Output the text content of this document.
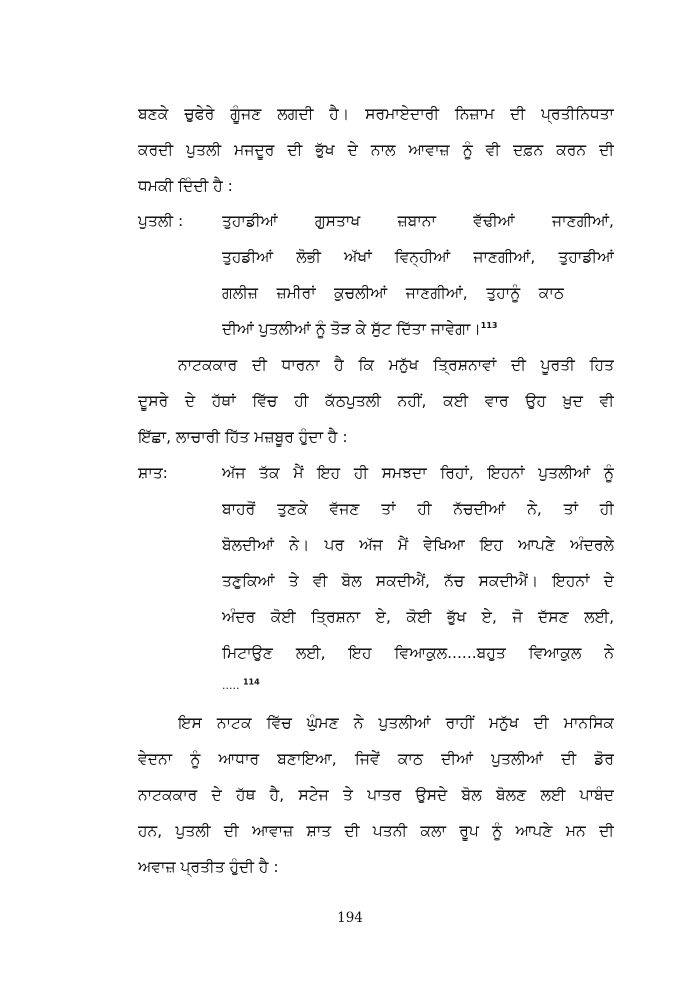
ਬਣਕੇ ਚੁਫੇਰੇ ਗੂੰਜਣ ਲਗਦੀ ਹੈ। ਸਰਮਾਏਦਾਰੀ ਨਿਜ਼ਾਮ ਦੀ ਪ੍ਰਤੀਨਿਧਤਾ
ਕਰਦੀ ਪੁਤਲੀ ਮਜਦੂਰ ਦੀ ਭੁੱਖ ਦੇ ਨਾਲ ਆਵਾਜ਼ ਨੂੰ ਵੀ ਦਫ਼ਨ ਕਰਨ ਦੀ
ਧਮਕੀ ਦਿੰਦੀ ਹੈ :
ਪੁਤਲੀ :	ਤੁਹਾਡੀਆਂ ਗੁਸਤਾਖ ਜ਼ਬਾਨਾ ਵੱਢੀਆਂ ਜਾਣਗੀਆਂ,
ਤੁਹਡੀਆਂ ਲੋਭੀ ਅੱਖਾਂ ਵਿਨ੍ਹੀਆਂ ਜਾਣਗੀਆਂ, ਤੁਹਾਡੀਆਂ
ਗਲੀਜ਼ ਜ਼ਮੀਰਾਂ ਕੁਚਲੀਆਂ ਜਾਣਗੀਆਂ, ਤੁਹਾਨੂੰ ਕਾਠ
ਦੀਆਂ ਪੁਤਲੀਆਂ ਨੂੰ ਤੋੜ ਕੇ ਸੁੱਟ ਦਿੱਤਾ ਜਾਵੇਗਾ।$^{113}$
ਨਾਟਕਕਾਰ ਦੀ ਧਾਰਨਾ ਹੈ ਕਿ ਮਨੁੱਖ ਤ੍ਰਿਸ਼ਨਾਵਾਂ ਦੀ ਪੂਰਤੀ ਹਿਤ
ਦੂਸਰੇ ਦੇ ਹੱਥਾਂ ਵਿੱਚ ਹੀ ਕੱਠਪੁਤਲੀ ਨਹੀਂ, ਕਈ ਵਾਰ ਉਹ ਖ਼ੁਦ ਵੀ
ਇੱਛਾ, ਲਾਚਾਰੀ ਹਿੱਤ ਮਜ਼ਬੂਰ ਹੁੰਦਾ ਹੈ :
ਸ਼ਾਤ:	ਅੱਜ ਤੱਕ ਮੈਂ ਇਹ ਹੀ ਸਮਝਦਾ ਰਿਹਾਂ, ਇਹਨਾਂ ਪੁਤਲੀਆਂ ਨੂੰ
ਬਾਹਰੋਂ ਤੁਣਕੇ ਵੱਜਣ ਤਾਂ ਹੀ ਨੱਚਦੀਆਂ ਨੇ, ਤਾਂ ਹੀ
ਬੋਲਦੀਆਂ ਨੇ। ਪਰ ਅੱਜ ਮੈਂ ਵੇਖਿਆ ਇਹ ਆਪਣੇ ਅੰਦਰਲੇ
ਤਣੁਕਿਆਂ ਤੇ ਵੀ ਬੋਲ ਸਕਦੀਐਂ, ਨੱਚ ਸਕਦੀਐਂ। ਇਹਨਾਂ ਦੇ
ਅੰਦਰ ਕੋਈ ਤ੍ਰਿਸ਼ਨਾ ਏ, ਕੋਈ ਭੁੱਖ ਏ, ਜੋ ਦੱਸਣ ਲਈ,
ਮਿਟਾਉਣ ਲਈ, ਇਹ ਵਿਆਕੁਲ......ਬਹੁਤ ਵਿਆਕੁਲ ਨੇ
..... $^{114}$
ਇਸ ਨਾਟਕ ਵਿੱਚ ਘੁੰਮਣ ਨੇ ਪੁਤਲੀਆਂ ਰਾਹੀਂ ਮਨੁੱਖ ਦੀ ਮਾਨਸਿਕ
ਵੇਦਨਾ ਨੂੰ ਆਧਾਰ ਬਣਾਇਆ, ਜਿਵੇਂ ਕਾਠ ਦੀਆਂ ਪੁਤਲੀਆਂ ਦੀ ਡੋਰ
ਨਾਟਕਕਾਰ ਦੇ ਹੱਥ ਹੈ, ਸਟੇਜ ਤੇ ਪਾਤਰ ਉਸਦੇ ਬੋਲ ਬੋਲਣ ਲਈ ਪਾਬੰਦ
ਹਨ, ਪੁਤਲੀ ਦੀ ਆਵਾਜ਼ ਸ਼ਾਤ ਦੀ ਪਤਨੀ ਕਲਾ ਰੂਪ ਨੂੰ ਆਪਣੇ ਮਨ ਦੀ
ਅਵਾਜ਼ ਪ੍ਰਤੀਤ ਹੁੰਦੀ ਹੈ :
194
